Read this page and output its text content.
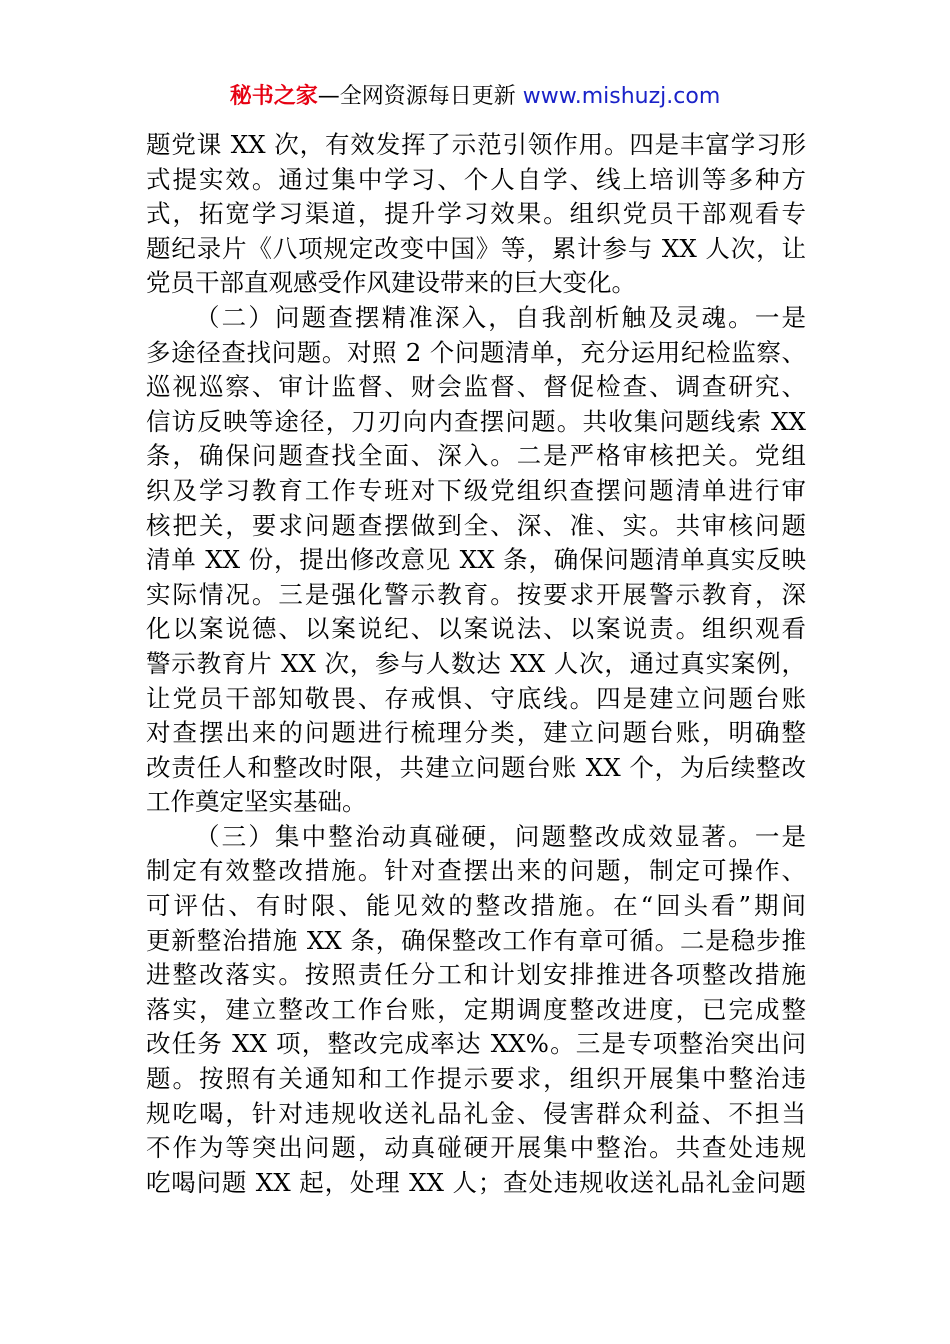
秘书之家—全网资源每日更新 www.mishuzj.com
题党课 XX 次，有效发挥了示范引领作用。四是丰富学习形
式提实效。通过集中学习、个人自学、线上培训等多种方
式，拓宽学习渠道，提升学习效果。组织党员干部观看专
题纪录片《八项规定改变中国》等，累计参与 XX 人次，让
党员干部直观感受作风建设带来的巨大变化。
（二）问题查摆精准深入，自我剖析触及灵魂。一是
多途径查找问题。对照 2 个问题清单，充分运用纪检监察、
巡视巡察、审计监督、财会监督、督促检查、调查研究、
信访反映等途径，刀刃向内查摆问题。共收集问题线索 XX
条，确保问题查找全面、深入。二是严格审核把关。党组
织及学习教育工作专班对下级党组织查摆问题清单进行审
核把关，要求问题查摆做到全、深、准、实。共审核问题
清单 XX 份，提出修改意见 XX 条，确保问题清单真实反映
实际情况。三是强化警示教育。按要求开展警示教育，深
化以案说德、以案说纪、以案说法、以案说责。组织观看
警示教育片 XX 次，参与人数达 XX 人次，通过真实案例，
让党员干部知敬畏、存戒惧、守底线。四是建立问题台账
对查摆出来的问题进行梳理分类，建立问题台账，明确整
改责任人和整改时限，共建立问题台账 XX 个，为后续整改
工作奠定坚实基础。
（三）集中整治动真碰硬，问题整改成效显著。一是
制定有效整改措施。针对查摆出来的问题，制定可操作、
可评估、有时限、能见效的整改措施。在“回头看”期间
更新整治措施 XX 条，确保整改工作有章可循。二是稳步推
进整改落实。按照责任分工和计划安排推进各项整改措施
落实，建立整改工作台账，定期调度整改进度，已完成整
改任务 XX 项，整改完成率达 XX%。三是专项整治突出问
题。按照有关通知和工作提示要求，组织开展集中整治违
规吃喝，针对违规收送礼品礼金、侵害群众利益、不担当
不作为等突出问题，动真碰硬开展集中整治。共查处违规
吃喝问题 XX 起，处理 XX 人；查处违规收送礼品礼金问题
